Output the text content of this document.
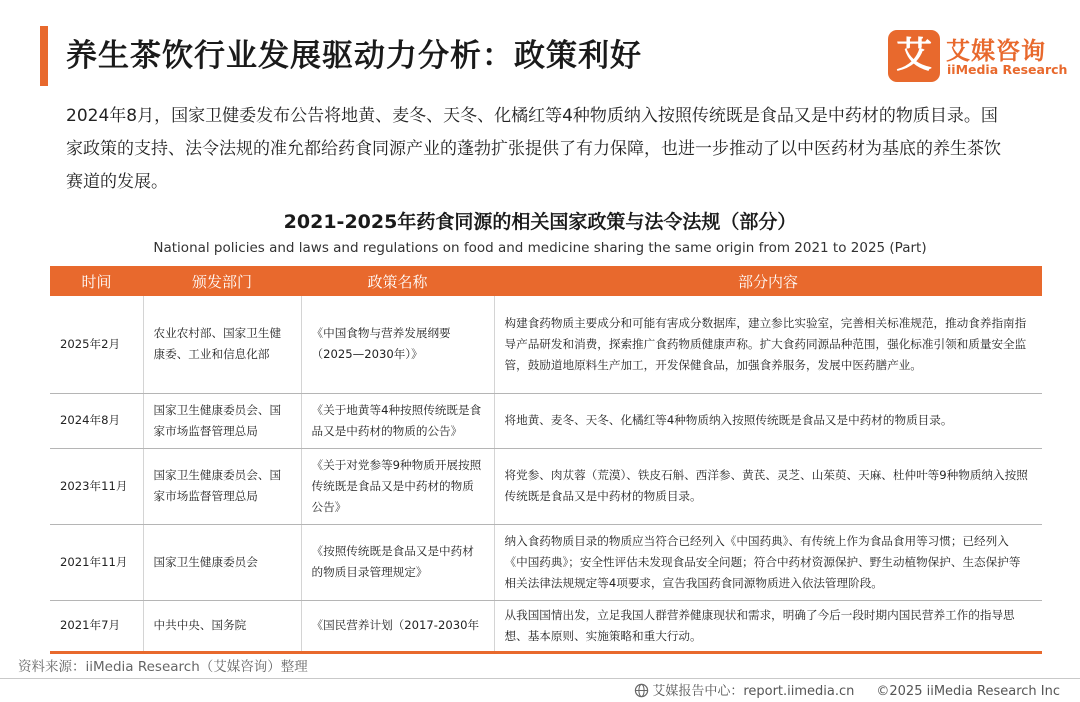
养生茶饮行业发展驱动力分析：政策利好	艾 艾媒咨询
iiMedia Research

2024年8月，国家卫健委发布公告将地黄、麦冬、天冬、化橘红等4种物质纳入按照传统既是食品又是中药材的物质目录。国家政策的支持、法令法规的准允都给药食同源产业的蓬勃扩张提供了有力保障，也进一步推动了以中医药材为基底的养生茶饮赛道的发展。

2021-2025年药食同源的相关国家政策与法令法规（部分）
National policies and laws and regulations on food and medicine sharing the same origin from 2021 to 2025 (Part)
时间	颁发部门	政策名称	部分内容
2025年2月	农业农村部、国家卫生健康委、工业和信息化部	《中国食物与营养发展纲要（2025—2030年）》	构建食药物质主要成分和可能有害成分数据库，建立参比实验室，完善相关标准规范，推动食养指南指导产品研发和消费，探索推广食药物质健康声称。扩大食药同源品种范围，强化标准引领和质量安全监管，鼓励道地原料生产加工，开发保健食品，加强食养服务，发展中医药膳产业。
2024年8月	国家卫生健康委员会、国家市场监督管理总局	《关于地黄等4种按照传统既是食品又是中药材的物质的公告》	将地黄、麦冬、天冬、化橘红等4种物质纳入按照传统既是食品又是中药材的物质目录。
2023年11月	国家卫生健康委员会、国家市场监督管理总局	《关于对党参等9种物质开展按照传统既是食品又是中药材的物质公告》	将党参、肉苁蓉（荒漠）、铁皮石斛、西洋参、黄芪、灵芝、山茱萸、天麻、杜仲叶等9种物质纳入按照传统既是食品又是中药材的物质目录。
2021年11月	国家卫生健康委员会	《按照传统既是食品又是中药材的物质目录管理规定》	纳入食药物质目录的物质应当符合已经列入《中国药典》、有传统上作为食品食用等习惯；已经列入《中国药典》；安全性评估未发现食品安全问题；符合中药材资源保护、野生动植物保护、生态保护等相关法律法规规定等4项要求，宣告我国药食同源物质进入依法管理阶段。
2021年7月	中共中央、国务院	《国民营养计划（2017-2030年	从我国国情出发，立足我国人群营养健康现状和需求，明确了今后一段时期内国民营养工作的指导思想、基本原则、实施策略和重大行动。
资料来源：iiMedia Research（艾媒咨询）整理
艾媒报告中心：report.iimedia.cn ©2025 iiMedia Research Inc
